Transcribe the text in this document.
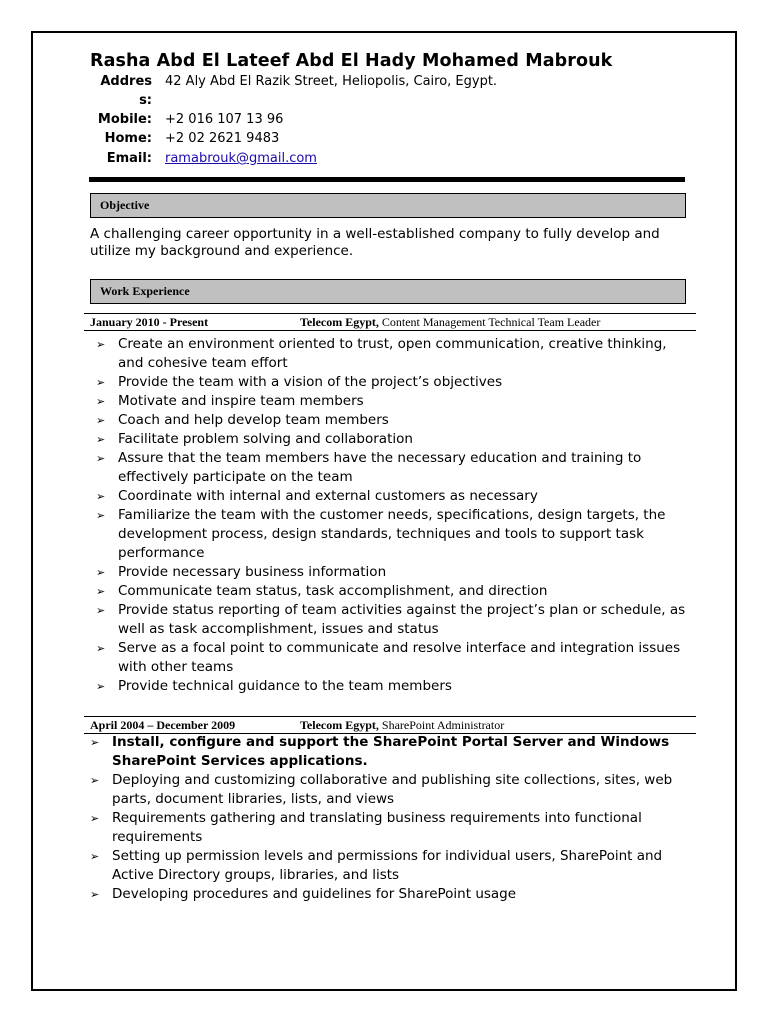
Rasha Abd El Lateef Abd El Hady Mohamed Mabrouk
Addres
s:
42 Aly Abd El Razik Street, Heliopolis, Cairo, Egypt.
Mobile: +2 016 107 13 96
Home: +2 02 2621 9483
Email: ramabrouk@gmail.com
Objective
A challenging career opportunity in a well-established company to fully develop and utilize my background and experience.
Work Experience
January 2010 - Present	Telecom Egypt, Content Management Technical Team Leader
➢ Create an environment oriented to trust, open communication, creative thinking, and cohesive team effort
➢ Provide the team with a vision of the project’s objectives
➢ Motivate and inspire team members
➢ Coach and help develop team members
➢ Facilitate problem solving and collaboration
➢ Assure that the team members have the necessary education and training to effectively participate on the team
➢ Coordinate with internal and external customers as necessary
➢ Familiarize the team with the customer needs, specifications, design targets, the development process, design standards, techniques and tools to support task performance
➢ Provide necessary business information
➢ Communicate team status, task accomplishment, and direction
➢ Provide status reporting of team activities against the project’s plan or schedule, as well as task accomplishment, issues and status
➢ Serve as a focal point to communicate and resolve interface and integration issues with other teams
➢ Provide technical guidance to the team members
April 2004 – December 2009	Telecom Egypt, SharePoint Administrator
➢ Install, configure and support the SharePoint Portal Server and Windows SharePoint Services applications.
➢ Deploying and customizing collaborative and publishing site collections, sites, web parts, document libraries, lists, and views
➢ Requirements gathering and translating business requirements into functional requirements
➢ Setting up permission levels and permissions for individual users, SharePoint and Active Directory groups, libraries, and lists
➢ Developing procedures and guidelines for SharePoint usage
